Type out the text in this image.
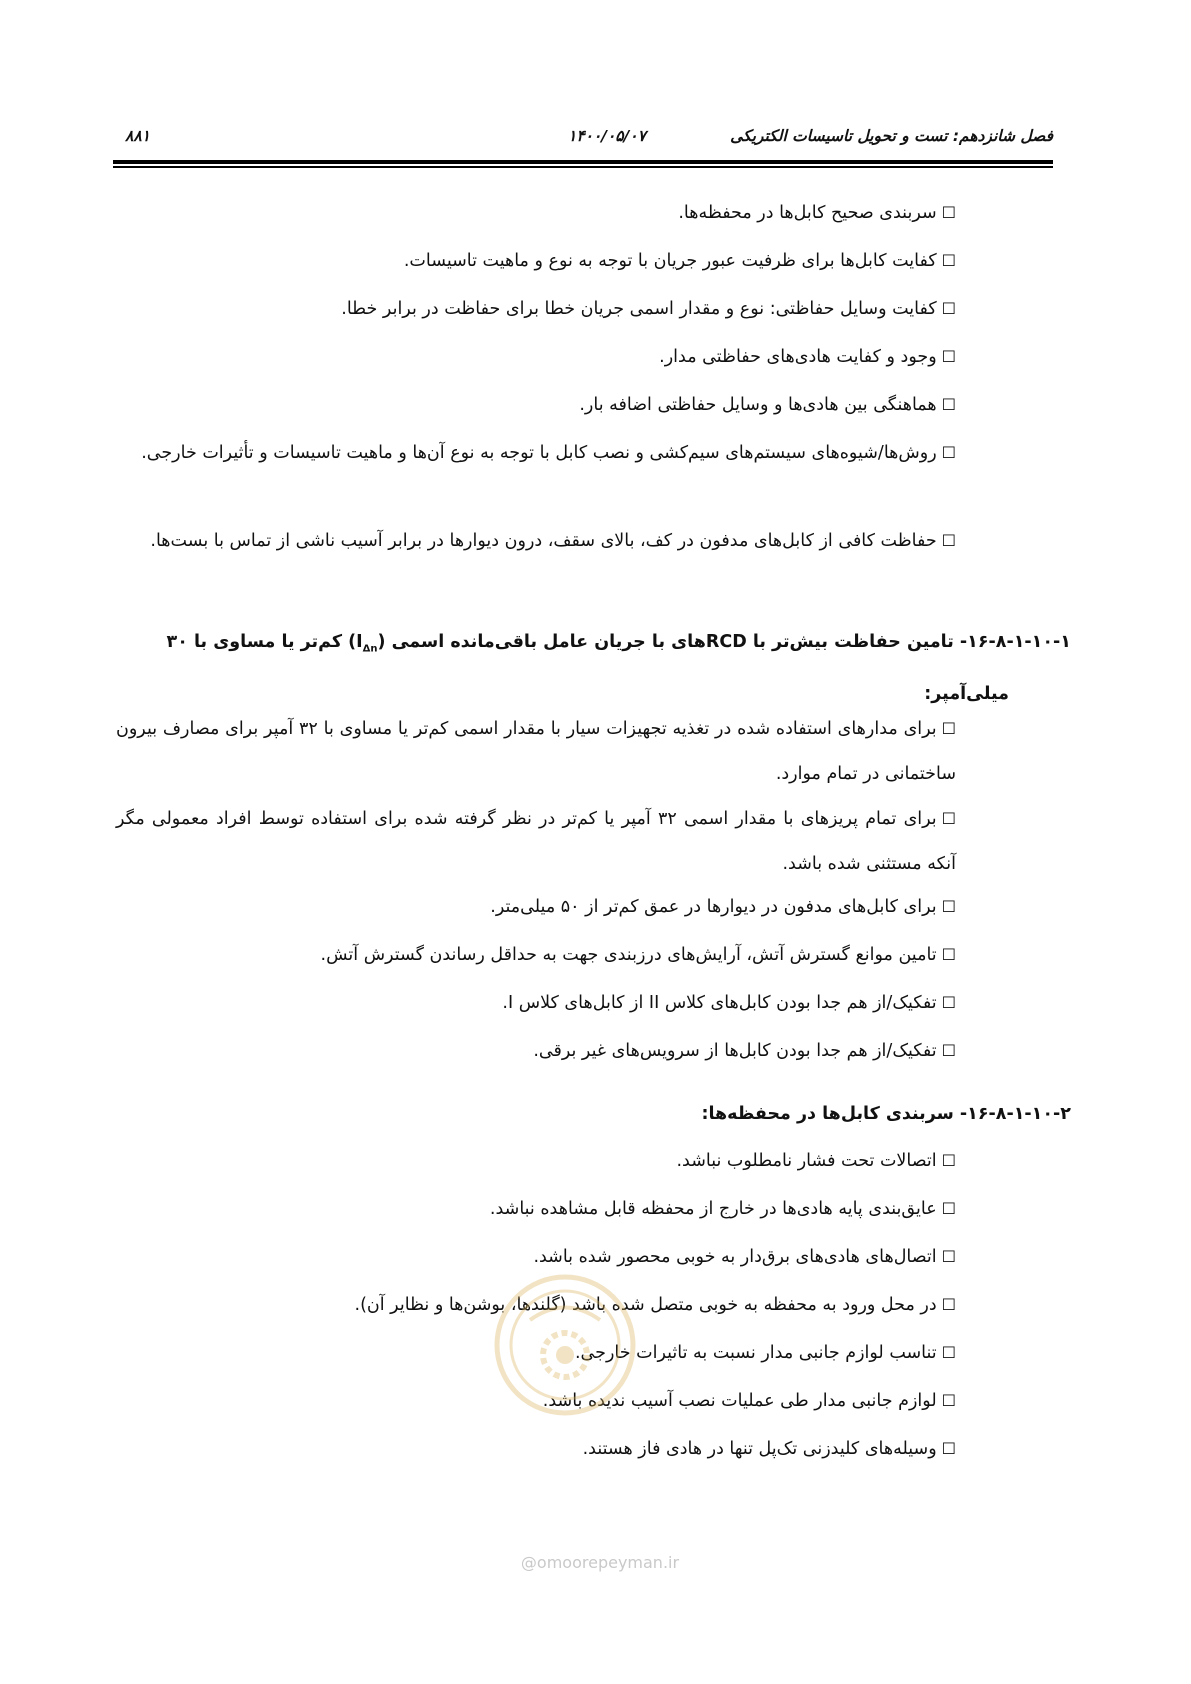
فصل شانزدهم: تست و تحویل تاسیسات الکتریکی
۱۴۰۰/۰۵/۰۷
۸۸۱
☐سربندی صحیح کابل‌ها در محفظه‌ها.
☐کفایت کابل‌ها برای ظرفیت عبور جریان با توجه به نوع و ماهیت تاسیسات.
☐کفایت وسایل حفاظتی: نوع و مقدار اسمی جریان خطا برای حفاظت در برابر خطا.
☐وجود و کفایت هادی‌های حفاظتی مدار.
☐هماهنگی بین هادی‌ها و وسایل حفاظتی اضافه بار.
☐روش‌ها/شیوه‌های سیستم‌های سیم‌کشی و نصب کابل با توجه به نوع آن‌ها و ماهیت تاسیسات و تأثیرات خارجی.
☐حفاظت کافی از کابل‌های مدفون در کف، بالای سقف، درون دیوارها در برابر آسیب ناشی از تماس با بست‌ها.
۱۶-۸-۱-۱۰-۱- تامین حفاظت بیش‌تر با RCDهای با جریان عامل باقی‌مانده اسمی $(I_{\Delta n})$ کم‌تر یا مساوی با ۳۰
میلی‌آمپر:
☐برای مدارهای استفاده شده در تغذیه تجهیزات سیار با مقدار اسمی کم‌تر یا مساوی با ۳۲ آمپر برای مصارف بیرون ساختمانی در تمام موارد.
☐برای تمام پریزهای با مقدار اسمی ۳۲ آمپر یا کم‌تر در نظر گرفته شده برای استفاده توسط افراد معمولی مگر آنکه مستثنی شده باشد.
☐برای کابل‌های مدفون در دیوارها در عمق کم‌تر از ۵۰ میلی‌متر.
☐تامین موانع گسترش آتش، آرایش‌های درزبندی جهت به حداقل رساندن گسترش آتش.
☐تفکیک/از هم جدا بودن کابل‌های کلاس II از کابل‌های کلاس I.
☐تفکیک/از هم جدا بودن کابل‌ها از سرویس‌های غیر برقی.
۱۶-۸-۱-۱۰-۲- سربندی کابل‌ها در محفظه‌ها:
☐اتصالات تحت فشار نامطلوب نباشد.
☐عایق‌بندی پایه هادی‌ها در خارج از محفظه قابل مشاهده نباشد.
☐اتصال‌های هادی‌های برق‌دار به خوبی محصور شده باشد.
☐در محل ورود به محفظه به خوبی متصل شده باشد (گلندها، بوشن‌ها و نظایر آن).
☐تناسب لوازم جانبی مدار نسبت به تاثیرات خارجی.
☐لوازم جانبی مدار طی عملیات نصب آسیب ندیده باشد.
☐وسیله‌های کلیدزنی تک‌پل تنها در هادی فاز هستند.
@omoorepeyman.ir
